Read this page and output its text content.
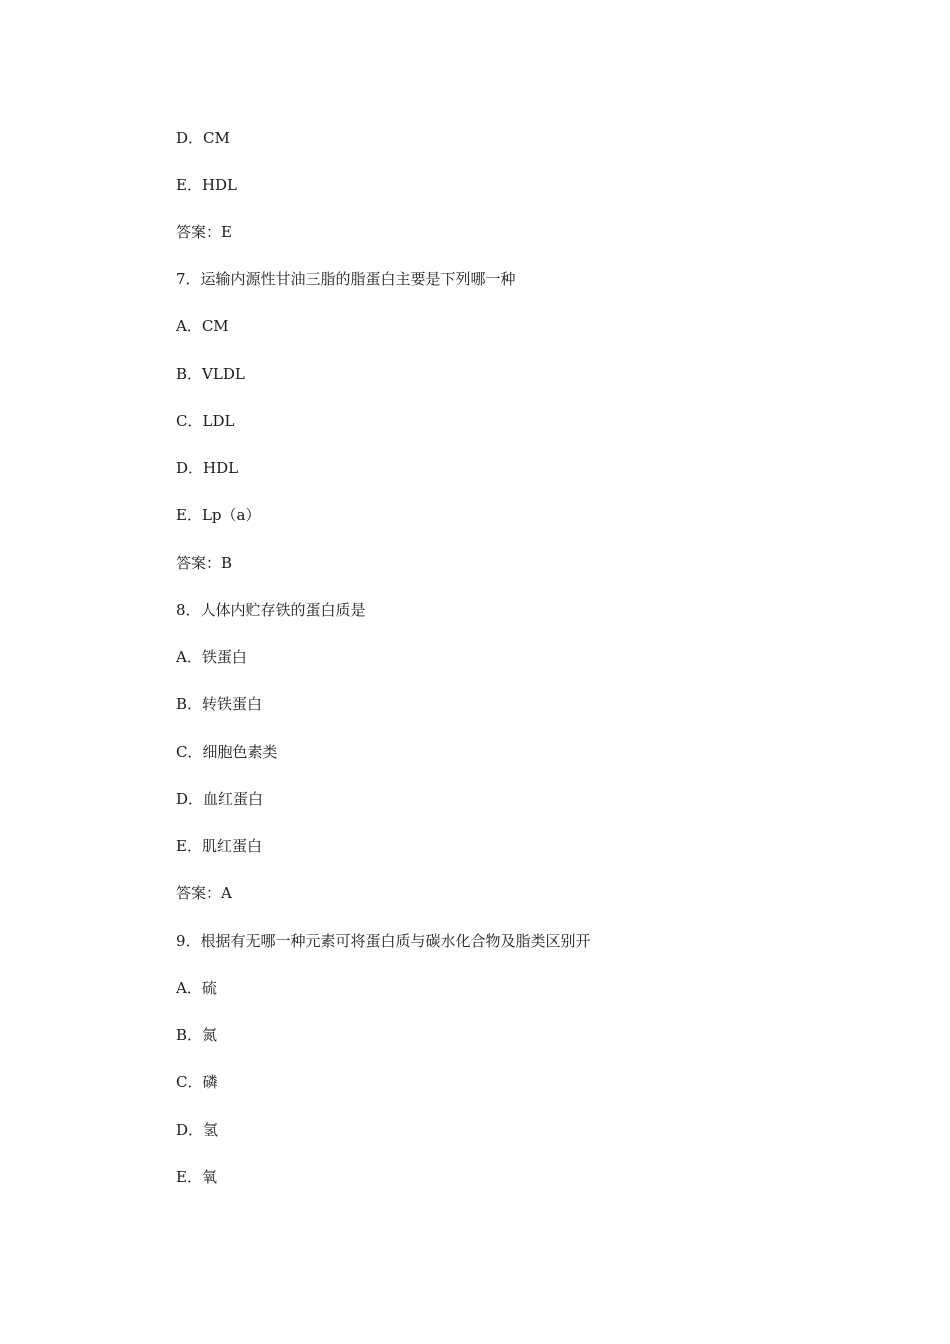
D．CM
E．HDL
答案：E
7．运输内源性甘油三脂的脂蛋白主要是下列哪一种
A．CM
B．VLDL
C．LDL
D．HDL
E．Lp（a）
答案：B
8．人体内贮存铁的蛋白质是
A．铁蛋白
B．转铁蛋白
C．细胞色素类
D．血红蛋白
E．肌红蛋白
答案：A
9．根据有无哪一种元素可将蛋白质与碳水化合物及脂类区别开
A．硫
B．氮
C．磷
D．氢
E．氧
